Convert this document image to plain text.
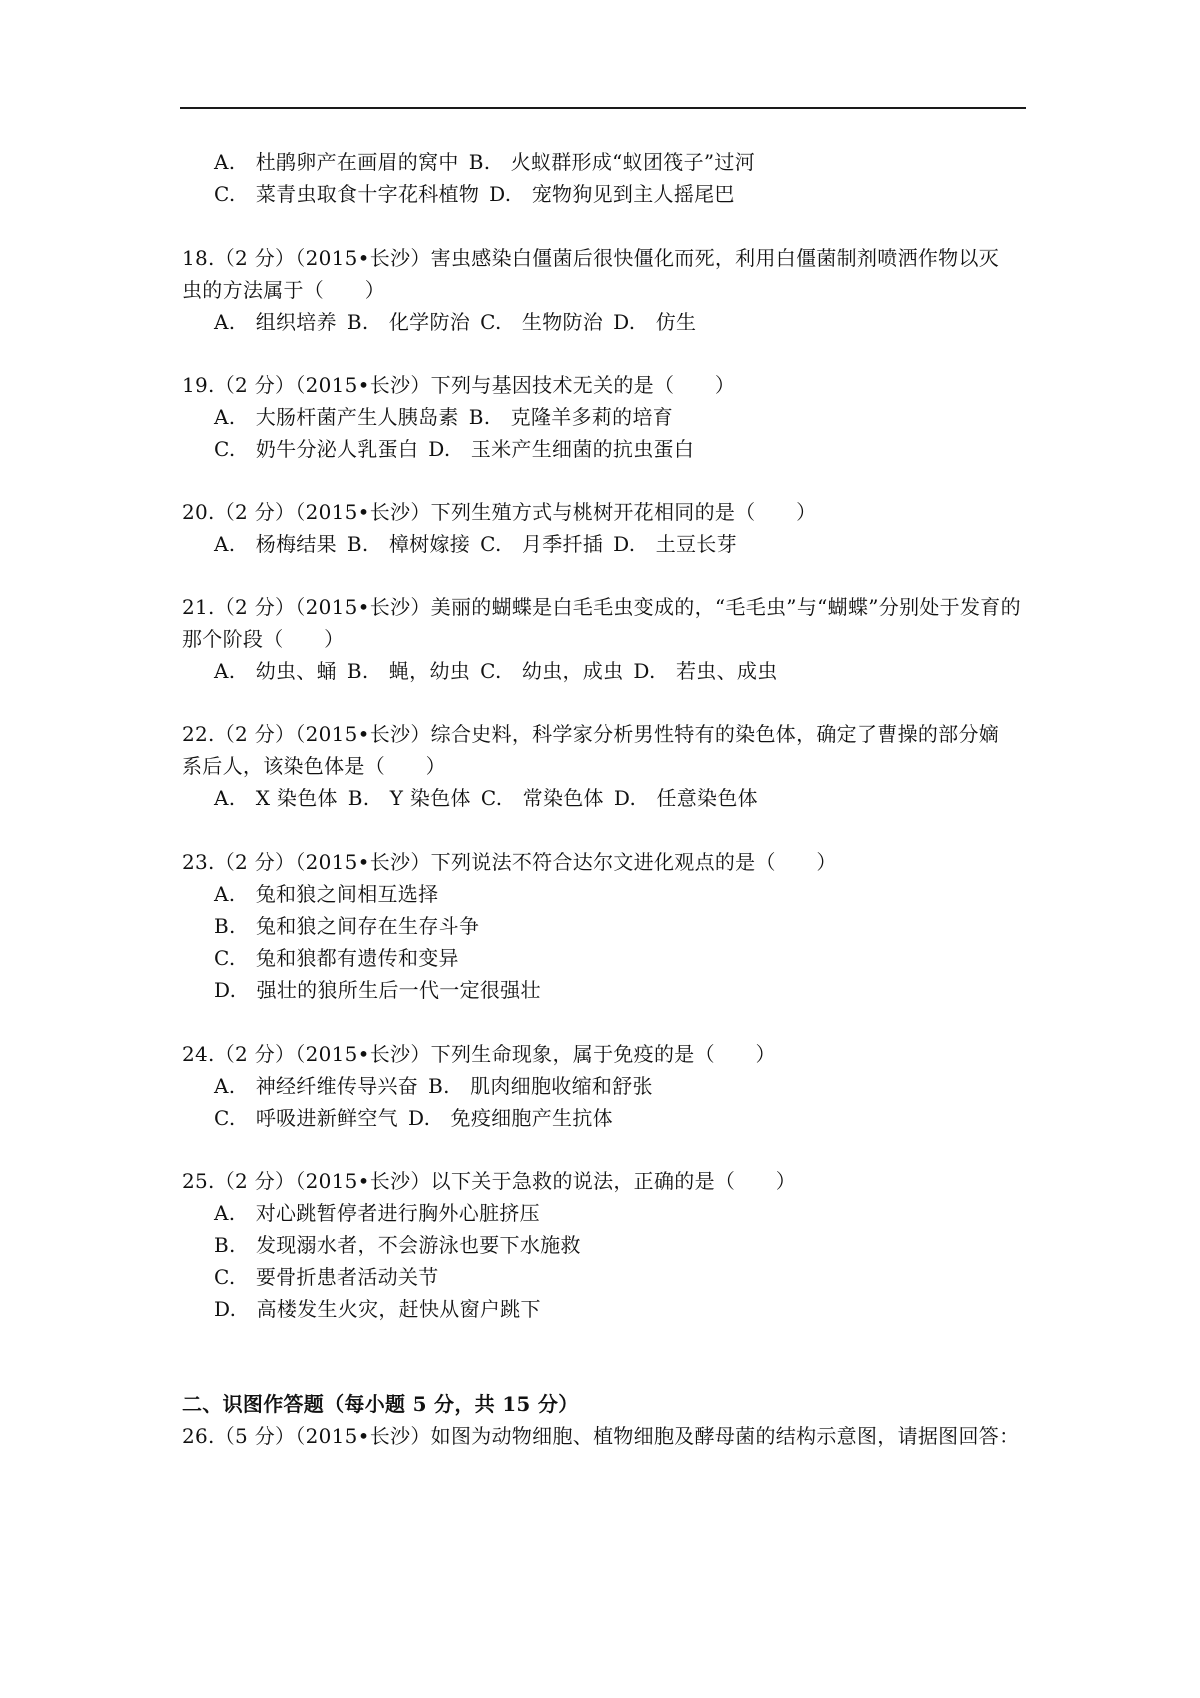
A.　杜鹃卵产在画眉的窝中 B.　火蚁群形成“蚁团筏子”过河
C.　菜青虫取食十字花科植物 D.　宠物狗见到主人摇尾巴
18.（2 分）（2015•长沙）害虫感染白僵菌后很快僵化而死，利用白僵菌制剂喷洒作物以灭
虫的方法属于（　　）
A.　组织培养 B.　化学防治 C.　生物防治 D.　仿生
19.（2 分）（2015•长沙）下列与基因技术无关的是（　　）
A.　大肠杆菌产生人胰岛素 B.　克隆羊多莉的培育
C.　奶牛分泌人乳蛋白 D.　玉米产生细菌的抗虫蛋白
20.（2 分）（2015•长沙）下列生殖方式与桃树开花相同的是（　　）
A.　杨梅结果 B.　樟树嫁接 C.　月季扦插 D.　土豆长芽
21.（2 分）（2015•长沙）美丽的蝴蝶是白毛毛虫变成的，“毛毛虫”与“蝴蝶”分别处于发育的
那个阶段（　　）
A.　幼虫、蛹 B.　蝇，幼虫 C.　幼虫，成虫 D.　若虫、成虫
22.（2 分）（2015•长沙）综合史料，科学家分析男性特有的染色体，确定了曹操的部分嫡
系后人，该染色体是（　　）
A.　X 染色体 B.　Y 染色体 C.　常染色体 D.　任意染色体
23.（2 分）（2015•长沙）下列说法不符合达尔文进化观点的是（　　）
A.　兔和狼之间相互选择
B.　兔和狼之间存在生存斗争
C.　兔和狼都有遗传和变异
D.　强壮的狼所生后一代一定很强壮
24.（2 分）（2015•长沙）下列生命现象，属于免疫的是（　　）
A.　神经纤维传导兴奋 B.　肌肉细胞收缩和舒张
C.　呼吸进新鲜空气 D.　免疫细胞产生抗体
25.（2 分）（2015•长沙）以下关于急救的说法，正确的是（　　）
A.　对心跳暂停者进行胸外心脏挤压
B.　发现溺水者，不会游泳也要下水施救
C.　要骨折患者活动关节
D.　高楼发生火灾，赶快从窗户跳下
二、识图作答题（每小题 5 分，共 15 分）
26.（5 分）（2015•长沙）如图为动物细胞、植物细胞及酵母菌的结构示意图，请据图回答：
